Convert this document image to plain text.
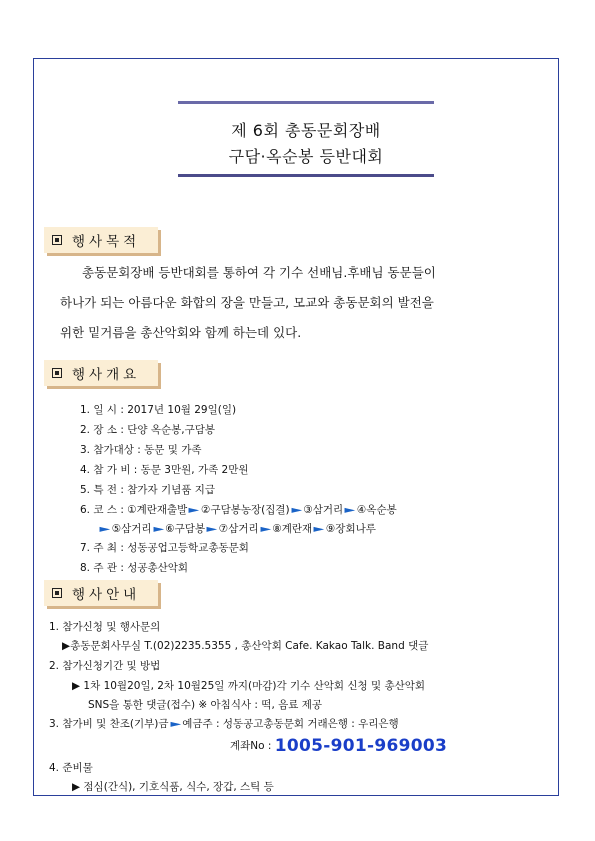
제 6회 총동문회장배
구담·옥순봉 등반대회
행사목적
총동문회장배 등반대회를 통하여 각 기수 선배님.후배님 동문들이
하나가 되는 아름다운 화합의 장을 만들고, 모교와 총동문회의 발전을
위한 밑거름을 총산악회와 함께 하는데 있다.
행사개요
1. 일 시 : 2017년 10월 29일(일)
2. 장 소 : 단양 옥순봉,구담봉
3. 참가대상 : 동문 및 가족
4. 참 가 비 : 동문 3만원, 가족 2만원
5. 특 전 : 참가자 기념품 지급
6. 코 스 : ①계란재출발►②구담봉농장(집결)►③삼거리►④옥순봉
►⑤삼거리►⑥구담봉►⑦삼거리►⑧계란재►⑨장회나루
7. 주 최 : 성동공업고등학교총동문회
8. 주 관 : 성공총산악회
행사안내
1. 참가신청 및 행사문의
▶총동문회사무실 T.(02)2235.5355 , 총산악회 Cafe. Kakao Talk. Band 댓글
2. 참가신청기간 및 방법
▶ 1차 10월20일, 2차 10월25일 까지(마감)각 기수 산악회 신청 및 총산악회
SNS을 통한 댓글(접수) ※ 아침식사 : 떡, 음료 제공
3. 참가비 및 찬조(기부)금►예금주 : 성동공고총동문회 거래은행 : 우리은행
계좌No : 1005-901-969003
4. 준비물
▶ 점심(간식), 기호식품, 식수, 장갑, 스틱 등
